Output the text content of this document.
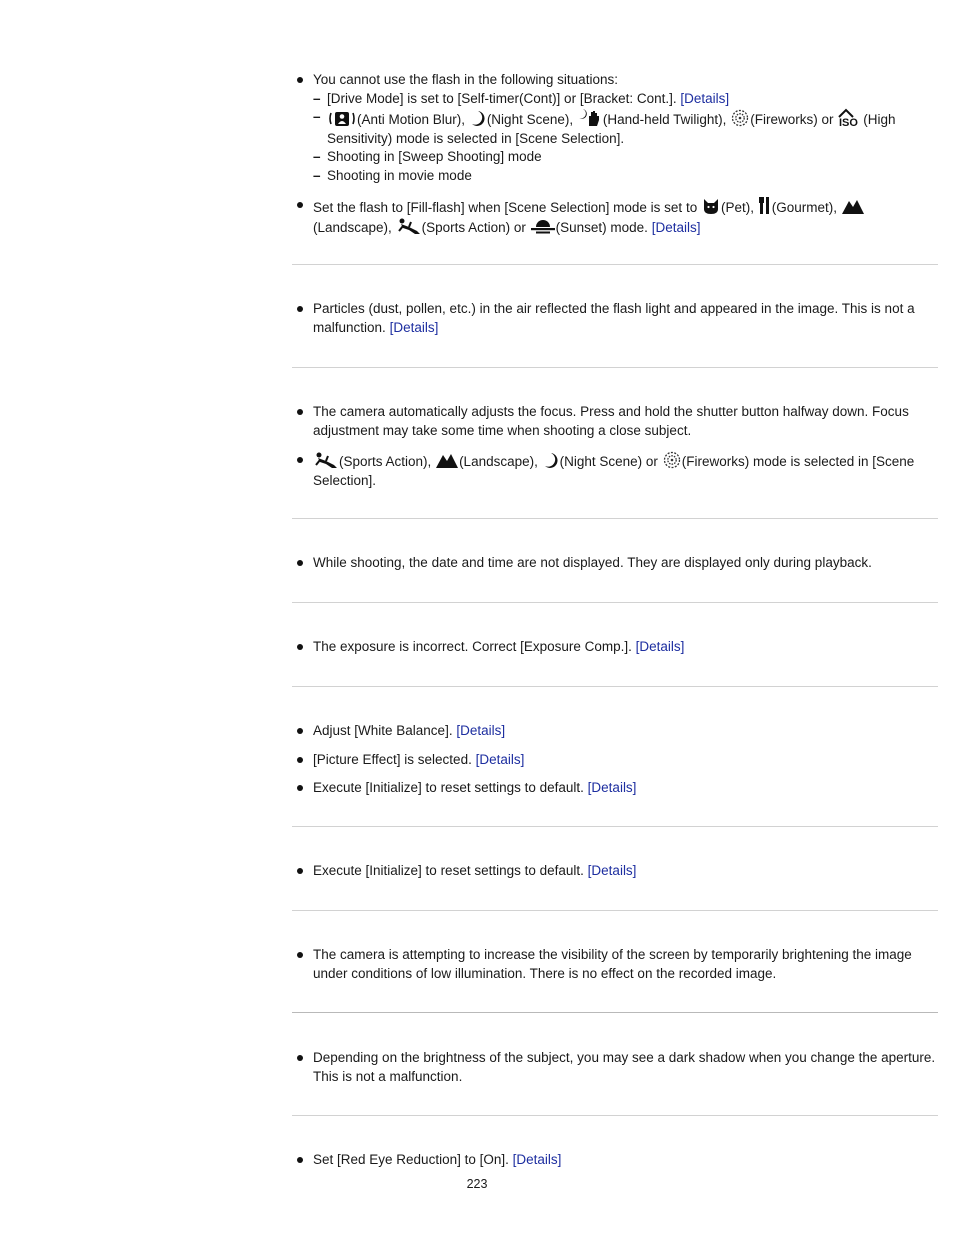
You cannot use the flash in the following situations:
– [Drive Mode] is set to [Self-timer(Cont)] or [Bracket: Cont.]. [Details]
– (Anti Motion Blur), (Night Scene), (Hand-held Twilight), (Fireworks) or ISO (High Sensitivity) mode is selected in [Scene Selection].
– Shooting in [Sweep Shooting] mode
– Shooting in movie mode
Set the flash to [Fill-flash] when [Scene Selection] mode is set to (Pet), (Gourmet), (Landscape), (Sports Action) or (Sunset) mode. [Details]
Particles (dust, pollen, etc.) in the air reflected the flash light and appeared in the image. This is not a malfunction. [Details]
The camera automatically adjusts the focus. Press and hold the shutter button halfway down. Focus adjustment may take some time when shooting a close subject.
(Sports Action), (Landscape), (Night Scene) or (Fireworks) mode is selected in [Scene Selection].
While shooting, the date and time are not displayed. They are displayed only during playback.
The exposure is incorrect. Correct [Exposure Comp.]. [Details]
Adjust [White Balance]. [Details]
[Picture Effect] is selected. [Details]
Execute [Initialize] to reset settings to default. [Details]
Execute [Initialize] to reset settings to default. [Details]
The camera is attempting to increase the visibility of the screen by temporarily brightening the image under conditions of low illumination. There is no effect on the recorded image.
Depending on the brightness of the subject, you may see a dark shadow when you change the aperture. This is not a malfunction.
Set [Red Eye Reduction] to [On]. [Details]
223
